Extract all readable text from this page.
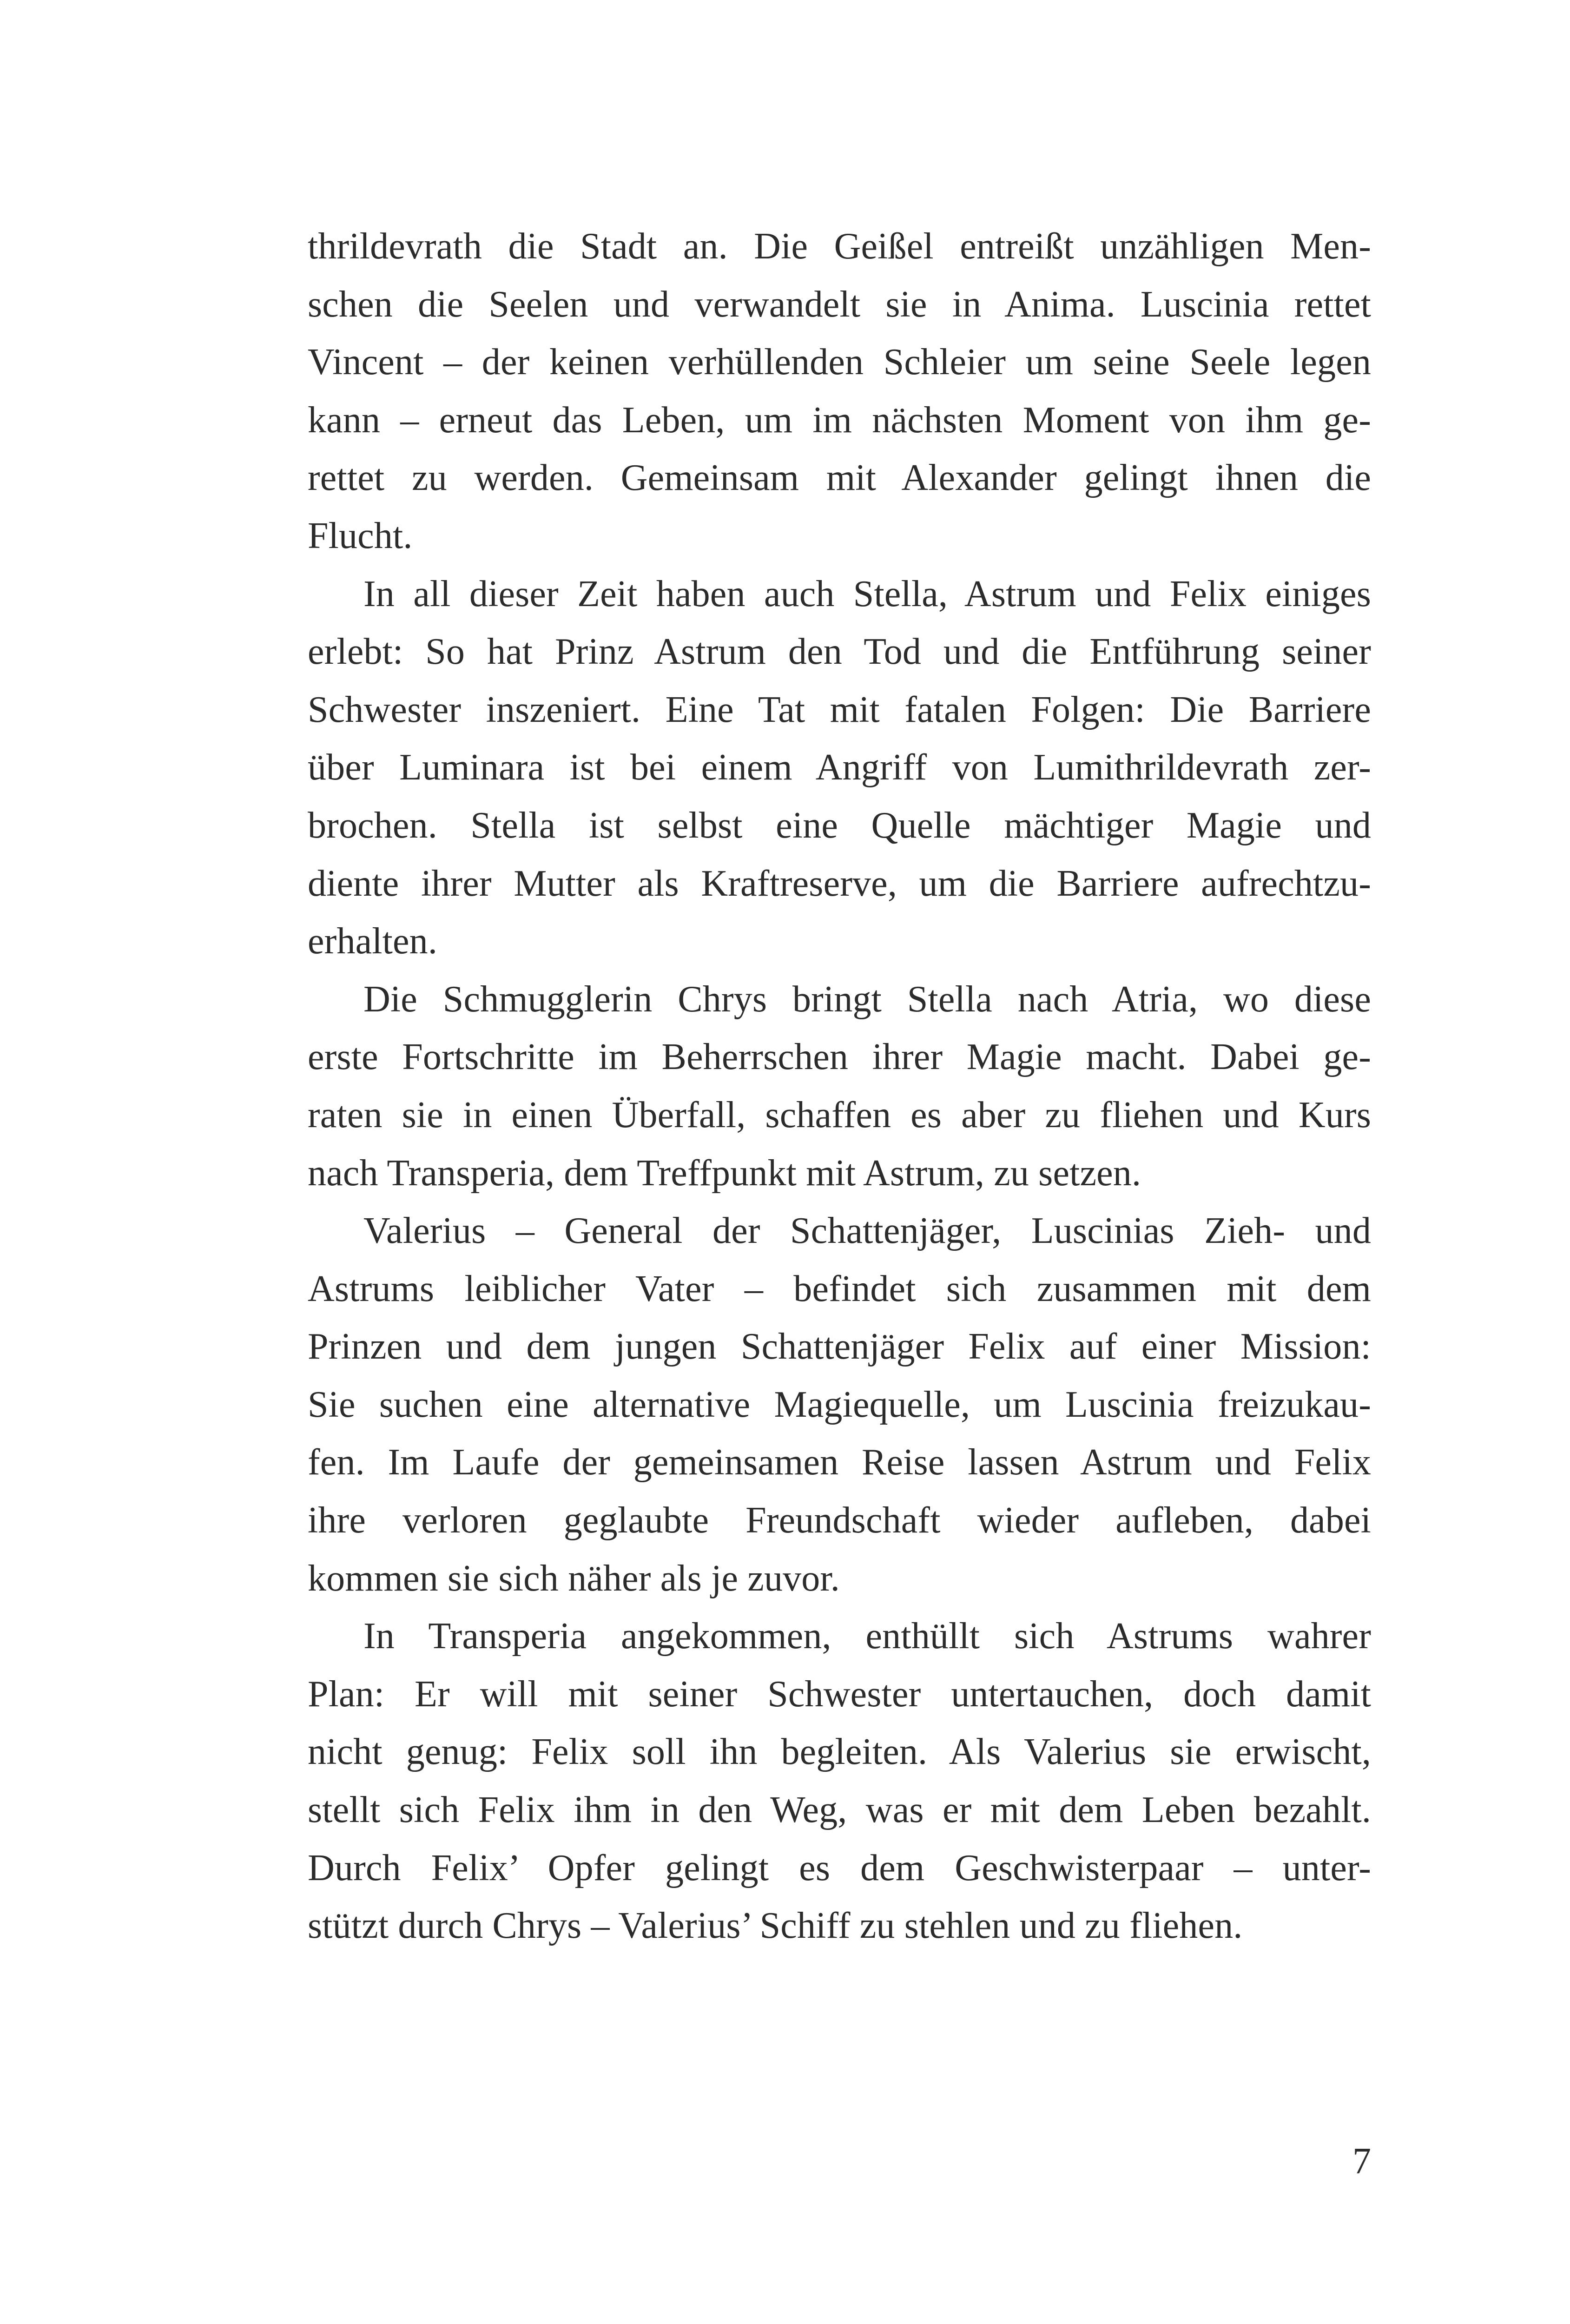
thrildevrath die Stadt an. Die Geißel entreißt unzähligen Men-
schen die Seelen und verwandelt sie in Anima. Luscinia rettet
Vincent – der keinen verhüllenden Schleier um seine Seele legen
kann – erneut das Leben, um im nächsten Moment von ihm ge-
rettet zu werden. Gemeinsam mit Alexander gelingt ihnen die
Flucht.

In all dieser Zeit haben auch Stella, Astrum und Felix einiges
erlebt: So hat Prinz Astrum den Tod und die Entführung seiner
Schwester inszeniert. Eine Tat mit fatalen Folgen: Die Barriere
über Luminara ist bei einem Angriff von Lumithrildevrath zer-
brochen. Stella ist selbst eine Quelle mächtiger Magie und
diente ihrer Mutter als Kraftreserve, um die Barriere aufrechtzu-
erhalten.

Die Schmugglerin Chrys bringt Stella nach Atria, wo diese
erste Fortschritte im Beherrschen ihrer Magie macht. Dabei ge-
raten sie in einen Überfall, schaffen es aber zu fliehen und Kurs
nach Transperia, dem Treffpunkt mit Astrum, zu setzen.

Valerius – General der Schattenjäger, Luscinias Zieh- und
Astrums leiblicher Vater – befindet sich zusammen mit dem
Prinzen und dem jungen Schattenjäger Felix auf einer Mission:
Sie suchen eine alternative Magiequelle, um Luscinia freizukau-
fen. Im Laufe der gemeinsamen Reise lassen Astrum und Felix
ihre verloren geglaubte Freundschaft wieder aufleben, dabei
kommen sie sich näher als je zuvor.

In Transperia angekommen, enthüllt sich Astrums wahrer
Plan: Er will mit seiner Schwester untertauchen, doch damit
nicht genug: Felix soll ihn begleiten. Als Valerius sie erwischt,
stellt sich Felix ihm in den Weg, was er mit dem Leben bezahlt.
Durch Felix’ Opfer gelingt es dem Geschwisterpaar – unter-
stützt durch Chrys – Valerius’ Schiff zu stehlen und zu fliehen.

7
